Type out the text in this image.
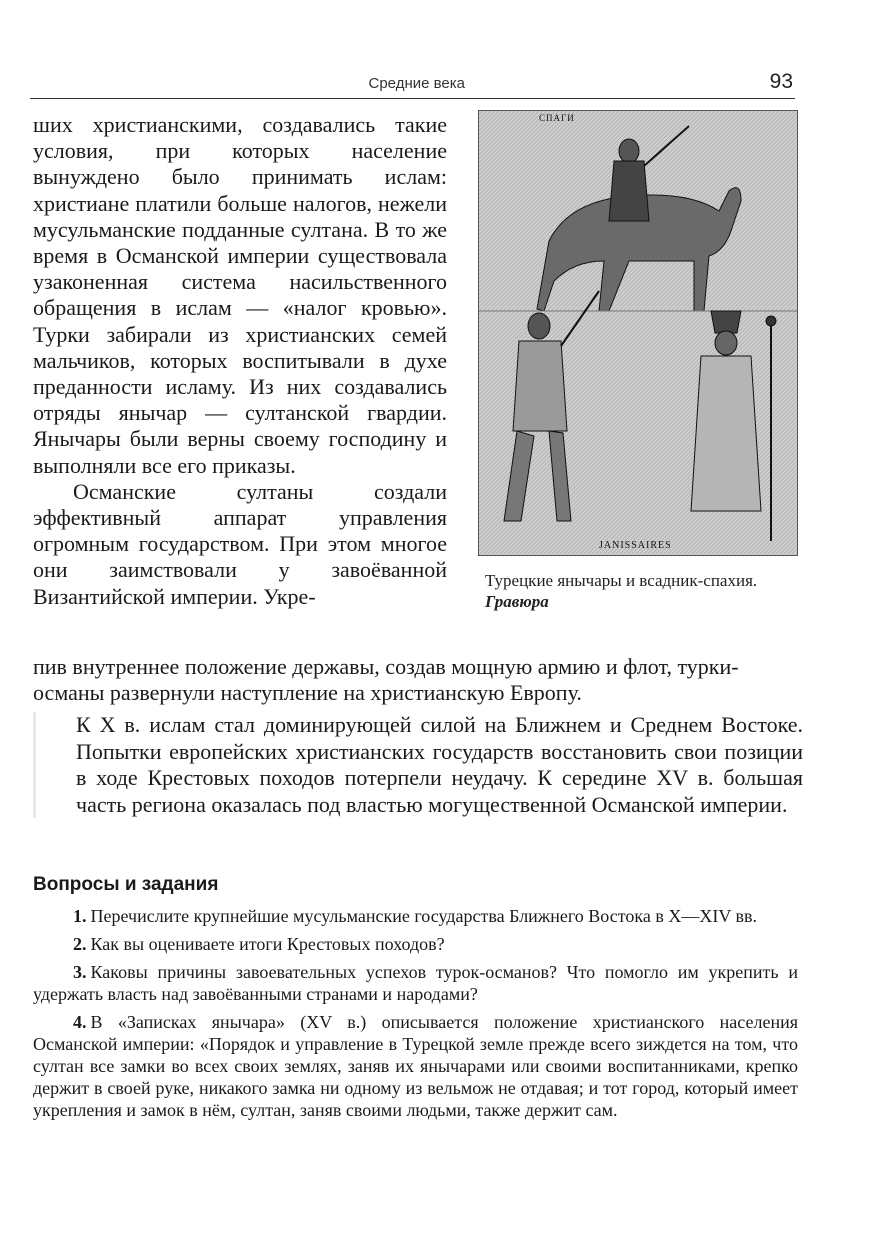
Средние века	93

ших христианскими, создавались такие условия, при которых население вынуждено было принимать ислам: христиане платили больше налогов, нежели мусульманские подданные султана. В то же время в Османской империи существовала узаконенная система насильственного обращения в ислам — «налог кровью». Турки забирали из христианских семей мальчиков, которых воспитывали в духе преданности исламу. Из них создавались отряды янычар — султанской гвардии. Янычары были верны своему господину и выполняли все его приказы.

Османские султаны создали эффективный аппарат управления огромным государством. При этом многое они заимствовали у завоёванной Византийской империи. Укре-

СПАГИ
JANISSAIRES
Турецкие янычары и всадник-спахия. Гравюра

пив внутреннее положение державы, создав мощную армию и флот, турки-османы развернули наступление на христианскую Европу.

К X в. ислам стал доминирующей силой на Ближнем и Среднем Востоке. Попытки европейских христианских государств восстановить свои позиции в ходе Крестовых походов потерпели неудачу. К середине XV в. большая часть региона оказалась под властью могущественной Османской империи.

Вопросы и задания
1. Перечислите крупнейшие мусульманские государства Ближнего Востока в X—XIV вв.
2. Как вы оцениваете итоги Крестовых походов?
3. Каковы причины завоевательных успехов турок-османов? Что помогло им укрепить и удержать власть над завоёванными странами и народами?
4. В «Записках янычара» (XV в.) описывается положение христианского населения Османской империи: «Порядок и управление в Турецкой земле прежде всего зиждется на том, что султан все замки во всех своих землях, заняв их янычарами или своими воспитанниками, крепко держит в своей руке, никакого замка ни одному из вельмож не отдавая; и тот город, который имеет укрепления и замок в нём, султан, заняв своими людьми, также держит сам.
